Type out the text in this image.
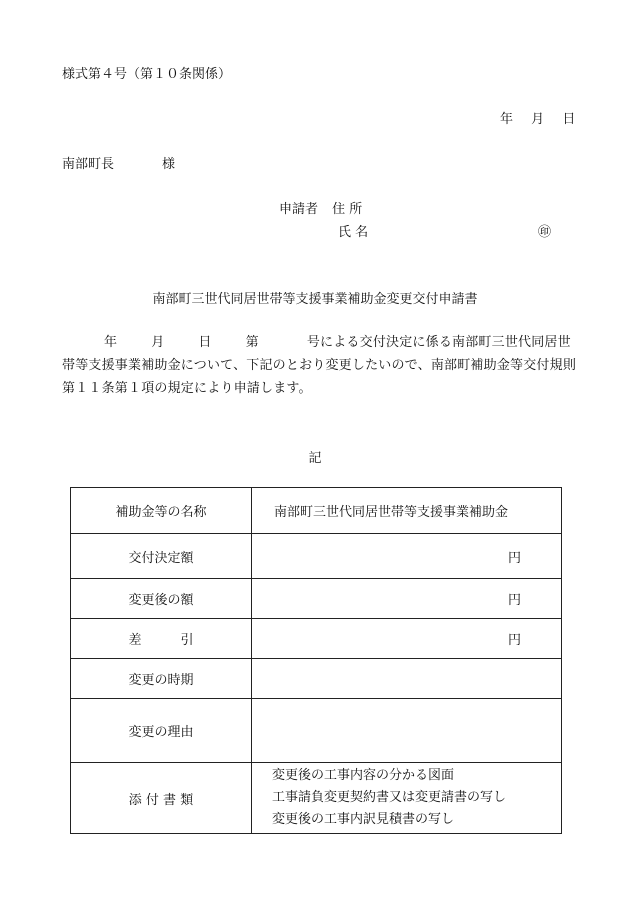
様式第４号（第１０条関係）
年 月 日
南部町長	様
申請者 住 所
氏 名	㊞
南部町三世代同居世帯等支援事業補助金変更交付申請書
年	月	日	第	号による交付決定に係る南部町三世代同居世帯等支援事業補助金について、下記のとおり変更したいので、南部町補助金等交付規則第１１条第１項の規定により申請します。
記
補助金等の名称	南部町三世代同居世帯等支援事業補助金
交付決定額	円
変更後の額	円
差　　　引	円
変更の時期	
変更の理由	
添 付 書 類	変更後の工事内容の分かる図面
工事請負変更契約書又は変更請書の写し
変更後の工事内訳見積書の写し
